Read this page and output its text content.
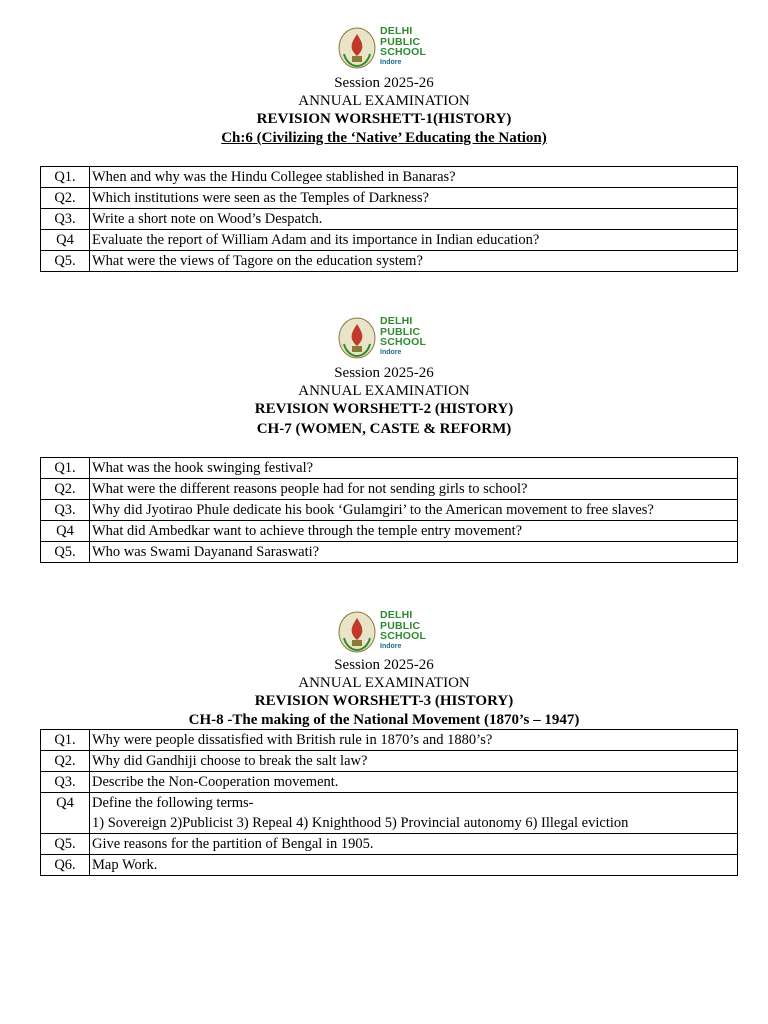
DELHI
PUBLIC
SCHOOL
Indore
Session 2025-26
ANNUAL EXAMINATION
REVISION WORSHETT-1(HISTORY)
Ch:6 (Civilizing the ‘Native’ Educating the Nation)
Q1.	When and why was the Hindu Collegee stablished in Banaras?
Q2.	Which institutions were seen as the Temples of Darkness?
Q3.	Write a short note on Wood’s Despatch.
Q4	Evaluate the report of William Adam and its importance in Indian education?
Q5.	What were the views of Tagore on the education system?
DELHI
PUBLIC
SCHOOL
Indore
Session 2025-26
ANNUAL EXAMINATION
REVISION WORSHETT-2 (HISTORY)
CH-7 (WOMEN, CASTE & REFORM)
Q1.	What was the hook swinging festival?
Q2.	What were the different reasons people had for not sending girls to school?
Q3.	Why did Jyotirao Phule dedicate his book ‘Gulamgiri’ to the American movement to free slaves?
Q4	What did Ambedkar want to achieve through the temple entry movement?
Q5.	Who was Swami Dayanand Saraswati?
DELHI
PUBLIC
SCHOOL
Indore
Session 2025-26
ANNUAL EXAMINATION
REVISION WORSHETT-3 (HISTORY)
CH-8 -The making of the National Movement (1870’s – 1947)
Q1.	Why were people dissatisfied with British rule in 1870’s and 1880’s?
Q2.	Why did Gandhiji choose to break the salt law?
Q3.	Describe the Non-Cooperation movement.
Q4	Define the following terms-
1) Sovereign 2)Publicist 3) Repeal 4) Knighthood 5) Provincial autonomy 6) Illegal eviction

Q5.	Give reasons for the partition of Bengal in 1905.
Q6.	Map Work.
